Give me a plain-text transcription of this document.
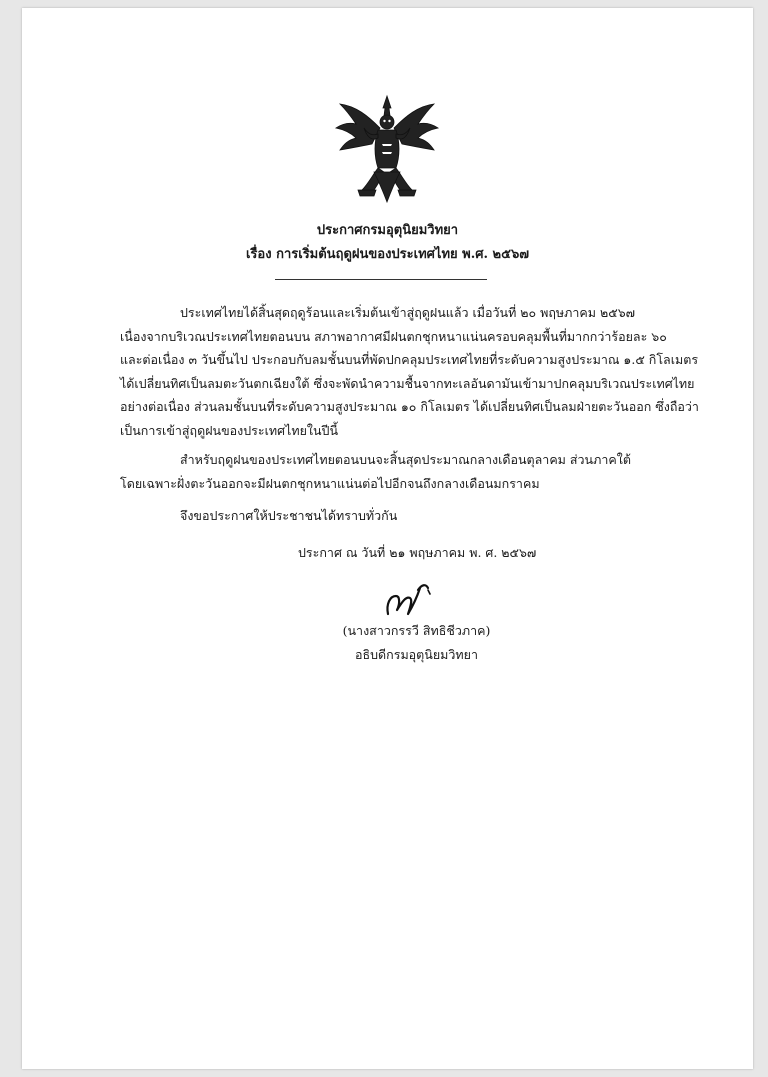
ประกาศกรมอุตุนิยมวิทยา
เรื่อง การเริ่มต้นฤดูฝนของประเทศไทย พ.ศ. ๒๕๖๗
ประเทศไทยได้สิ้นสุดฤดูร้อนและเริ่มต้นเข้าสู่ฤดูฝนแล้ว เมื่อวันที่ ๒๐ พฤษภาคม ๒๕๖๗
เนื่องจากบริเวณประเทศไทยตอนบน สภาพอากาศมีฝนตกชุกหนาแน่นครอบคลุมพื้นที่มากกว่าร้อยละ ๖๐
และต่อเนื่อง ๓ วันขึ้นไป ประกอบกับลมชั้นบนที่พัดปกคลุมประเทศไทยที่ระดับความสูงประมาณ ๑.๕ กิโลเมตร
ได้เปลี่ยนทิศเป็นลมตะวันตกเฉียงใต้ ซึ่งจะพัดนำความชื้นจากทะเลอันดามันเข้ามาปกคลุมบริเวณประเทศไทย
อย่างต่อเนื่อง ส่วนลมชั้นบนที่ระดับความสูงประมาณ ๑๐ กิโลเมตร ได้เปลี่ยนทิศเป็นลมฝ่ายตะวันออก ซึ่งถือว่า
เป็นการเข้าสู่ฤดูฝนของประเทศไทยในปีนี้
สำหรับฤดูฝนของประเทศไทยตอนบนจะสิ้นสุดประมาณกลางเดือนตุลาคม ส่วนภาคใต้
โดยเฉพาะฝั่งตะวันออกจะมีฝนตกชุกหนาแน่นต่อไปอีกจนถึงกลางเดือนมกราคม
จึงขอประกาศให้ประชาชนได้ทราบทั่วกัน
ประกาศ ณ วันที่ ๒๑ พฤษภาคม พ. ศ. ๒๕๖๗
(นางสาวกรรวี สิทธิชีวภาค)
อธิบดีกรมอุตุนิยมวิทยา
